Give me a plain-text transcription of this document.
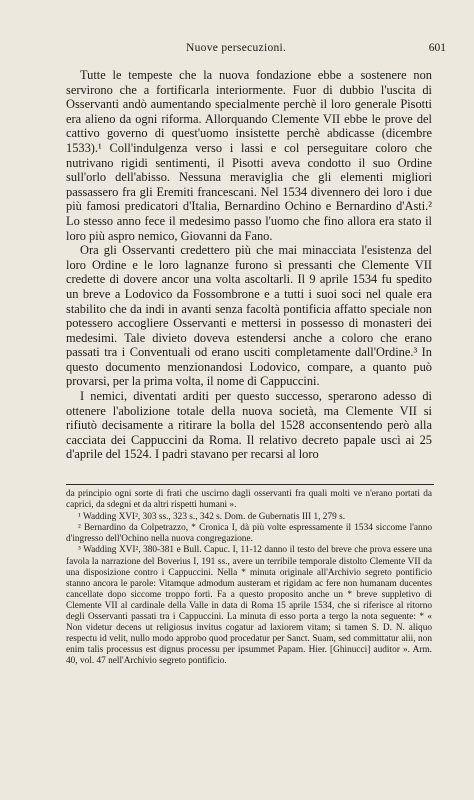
Nuove persecuzioni.	601

Tutte le tempeste che la nuova fondazione ebbe a sostenere non servirono che a fortificarla interiormente. Fuor di dubbio l'uscita di Osservanti andò aumentando specialmente perchè il loro generale Pisotti era alieno da ogni riforma. Allorquando Clemente VII ebbe le prove del cattivo governo di quest'uomo insistette perchè abdicasse (dicembre 1533).¹ Coll'indulgenza verso i lassi e col perseguitare coloro che nutrivano rigidi sentimenti, il Pisotti aveva condotto il suo Ordine sull'orlo dell'abisso. Nessuna meraviglia che gli elementi migliori passassero fra gli Eremiti francescani. Nel 1534 divennero dei loro i due più famosi predicatori d'Italia, Bernardino Ochino e Bernardino d'Asti.² Lo stesso anno fece il medesimo passo l'uomo che fino allora era stato il loro più aspro nemico, Giovanni da Fano.

Ora gli Osservanti credettero più che mai minacciata l'esistenza del loro Ordine e le loro lagnanze furono sì pressanti che Clemente VII credette di dovere ancor una volta ascoltarli. Il 9 aprile 1534 fu spedito un breve a Lodovico da Fossombrone e a tutti i suoi soci nel quale era stabilito che da indi in avanti senza facoltà pontificia affatto speciale non potessero accogliere Osservanti e mettersi in possesso di monasteri dei medesimi. Tale divieto doveva estendersi anche a coloro che erano passati tra i Conventuali od erano usciti completamente dall'Ordine.³ In questo documento menzionandosi Lodovico, compare, a quanto può provarsi, per la prima volta, il nome di Cappuccini.

I nemici, diventati arditi per questo successo, sperarono adesso di ottenere l'abolizione totale della nuova società, ma Clemente VII si rifiutò decisamente a ritirare la bolla del 1528 acconsentendo però alla cacciata dei Cappuccini da Roma. Il relativo decreto papale uscì ai 25 d'aprile del 1524. I padri stavano per recarsi al loro

da principio ogni sorte di frati che uscirno dagli osservanti fra quali molti ve n'erano portati da caprici, da sdegni et da altri rispetti humani ».

¹ Wadding XVI², 303 ss., 323 s., 342 s. Dom. de Gubernatis III 1, 279 s.

² Bernardino da Colpetrazzo, * Cronica I, dà più volte espressamente il 1534 siccome l'anno d'ingresso dell'Ochino nella nuova congregazione.

³ Wadding XVI², 380-381 e Bull. Capuc. I, 11-12 danno il testo del breve che prova essere una favola la narrazione del Boverius I, 191 ss., avere un terribile temporale distolto Clemente VII da una disposizione contro i Cappuccini. Nella * minuta originale all'Archivio segreto pontificio stanno ancora le parole: Vitamque admodum austeram et rigidam ac fere non humanam ducentes cancellate dopo siccome troppo forti. Fa a questo proposito anche un * breve suppletivo di Clemente VII al cardinale della Valle in data di Roma 15 aprile 1534, che si riferisce al ritorno degli Osservanti passati tra i Cappuccini. La minuta di esso porta a tergo la nota seguente: * « Non videtur decens ut religiosus invitus cogatur ad laxiorem vitam; si tamen S. D. N. aliquo respectu id velit, nullo modo approbo quod procedatur per Sanct. Suam, sed committatur alii, non enim talis processus est dignus processu per ipsummet Papam. Hier. [Ghinucci] auditor ». Arm. 40, vol. 47 nell'Archivio segreto pontificio.
